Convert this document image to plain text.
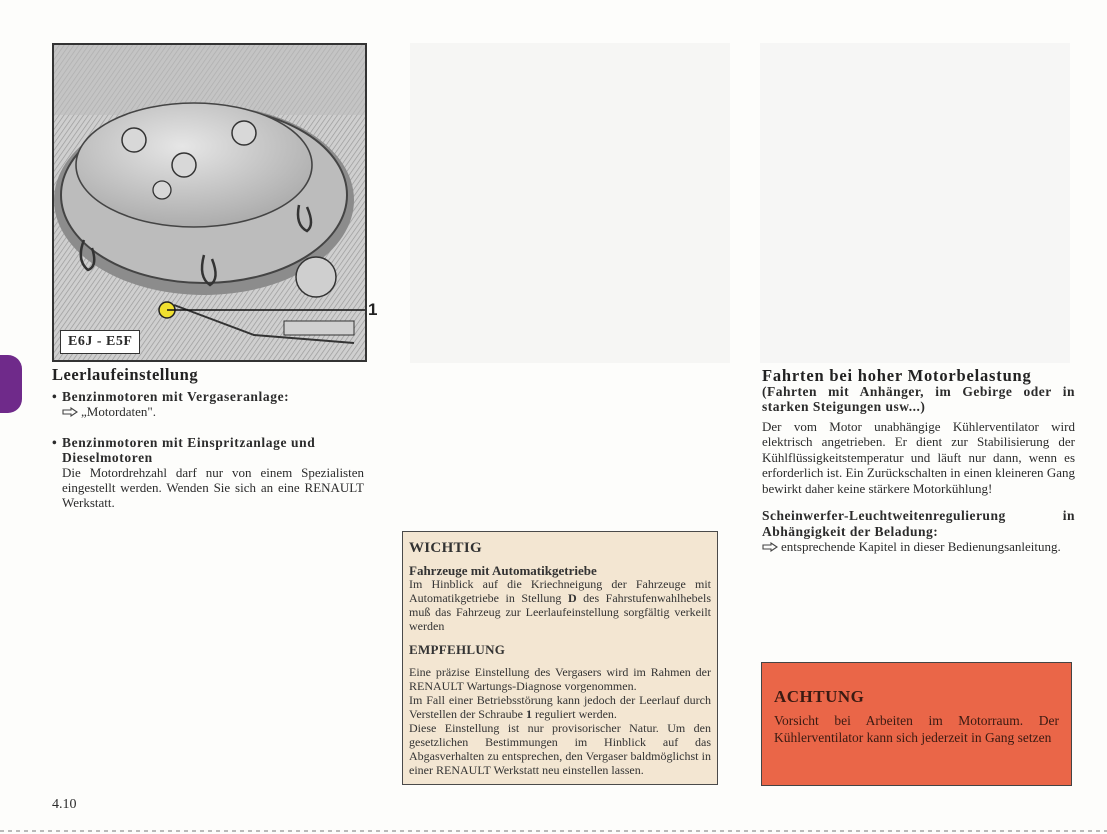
E6J - E5F
1
Leerlaufeinstellung

• Benzinmotoren mit Vergaseranlage:

„Motordaten".

• Benzinmotoren mit Einspritzanlage und

Dieselmotoren

Die Motordrehzahl darf nur von einem Spezialisten eingestellt werden. Wenden Sie sich an eine RENAULT Werkstatt.

WICHTIG
Fahrzeuge mit Automatikgetriebe

Im Hinblick auf die Kriechneigung der Fahrzeuge mit Automatikgetriebe in Stellung D des Fahrstufenwahlhebels muß das Fahrzeug zur Leerlaufeinstellung sorgfältig verkeilt werden

EMPFEHLUNG

Eine präzise Einstellung des Vergasers wird im Rahmen der RENAULT Wartungs-Diagnose vorgenommen.

Im Fall einer Betriebsstörung kann jedoch der Leerlauf durch Verstellen der Schraube 1 reguliert werden.

Diese Einstellung ist nur provisorischer Natur. Um den gesetzlichen Bestimmungen im Hinblick auf das Abgasverhalten zu entsprechen, den Vergaser baldmöglichst in einer RENAULT Werkstatt neu einstellen lassen.

Fahrten bei hoher Motorbelastung

(Fahrten mit Anhänger, im Gebirge oder in starken Steigungen usw...)

Der vom Motor unabhängige Kühlerventilator wird elektrisch angetrieben. Er dient zur Stabilisierung der Kühlflüssigkeitstemperatur und läuft nur dann, wenn es erforderlich ist. Ein Zurückschalten in einen kleineren Gang bewirkt daher keine stärkere Motorkühlung!

Scheinwerfer-Leuchtweitenregulierung in Abhängigkeit der Beladung:

entsprechende Kapitel in dieser Bedienungsanleitung.

ACHTUNG
Vorsicht bei Arbeiten im Motorraum. Der Kühlerventilator kann sich jederzeit in Gang setzen
4.10
